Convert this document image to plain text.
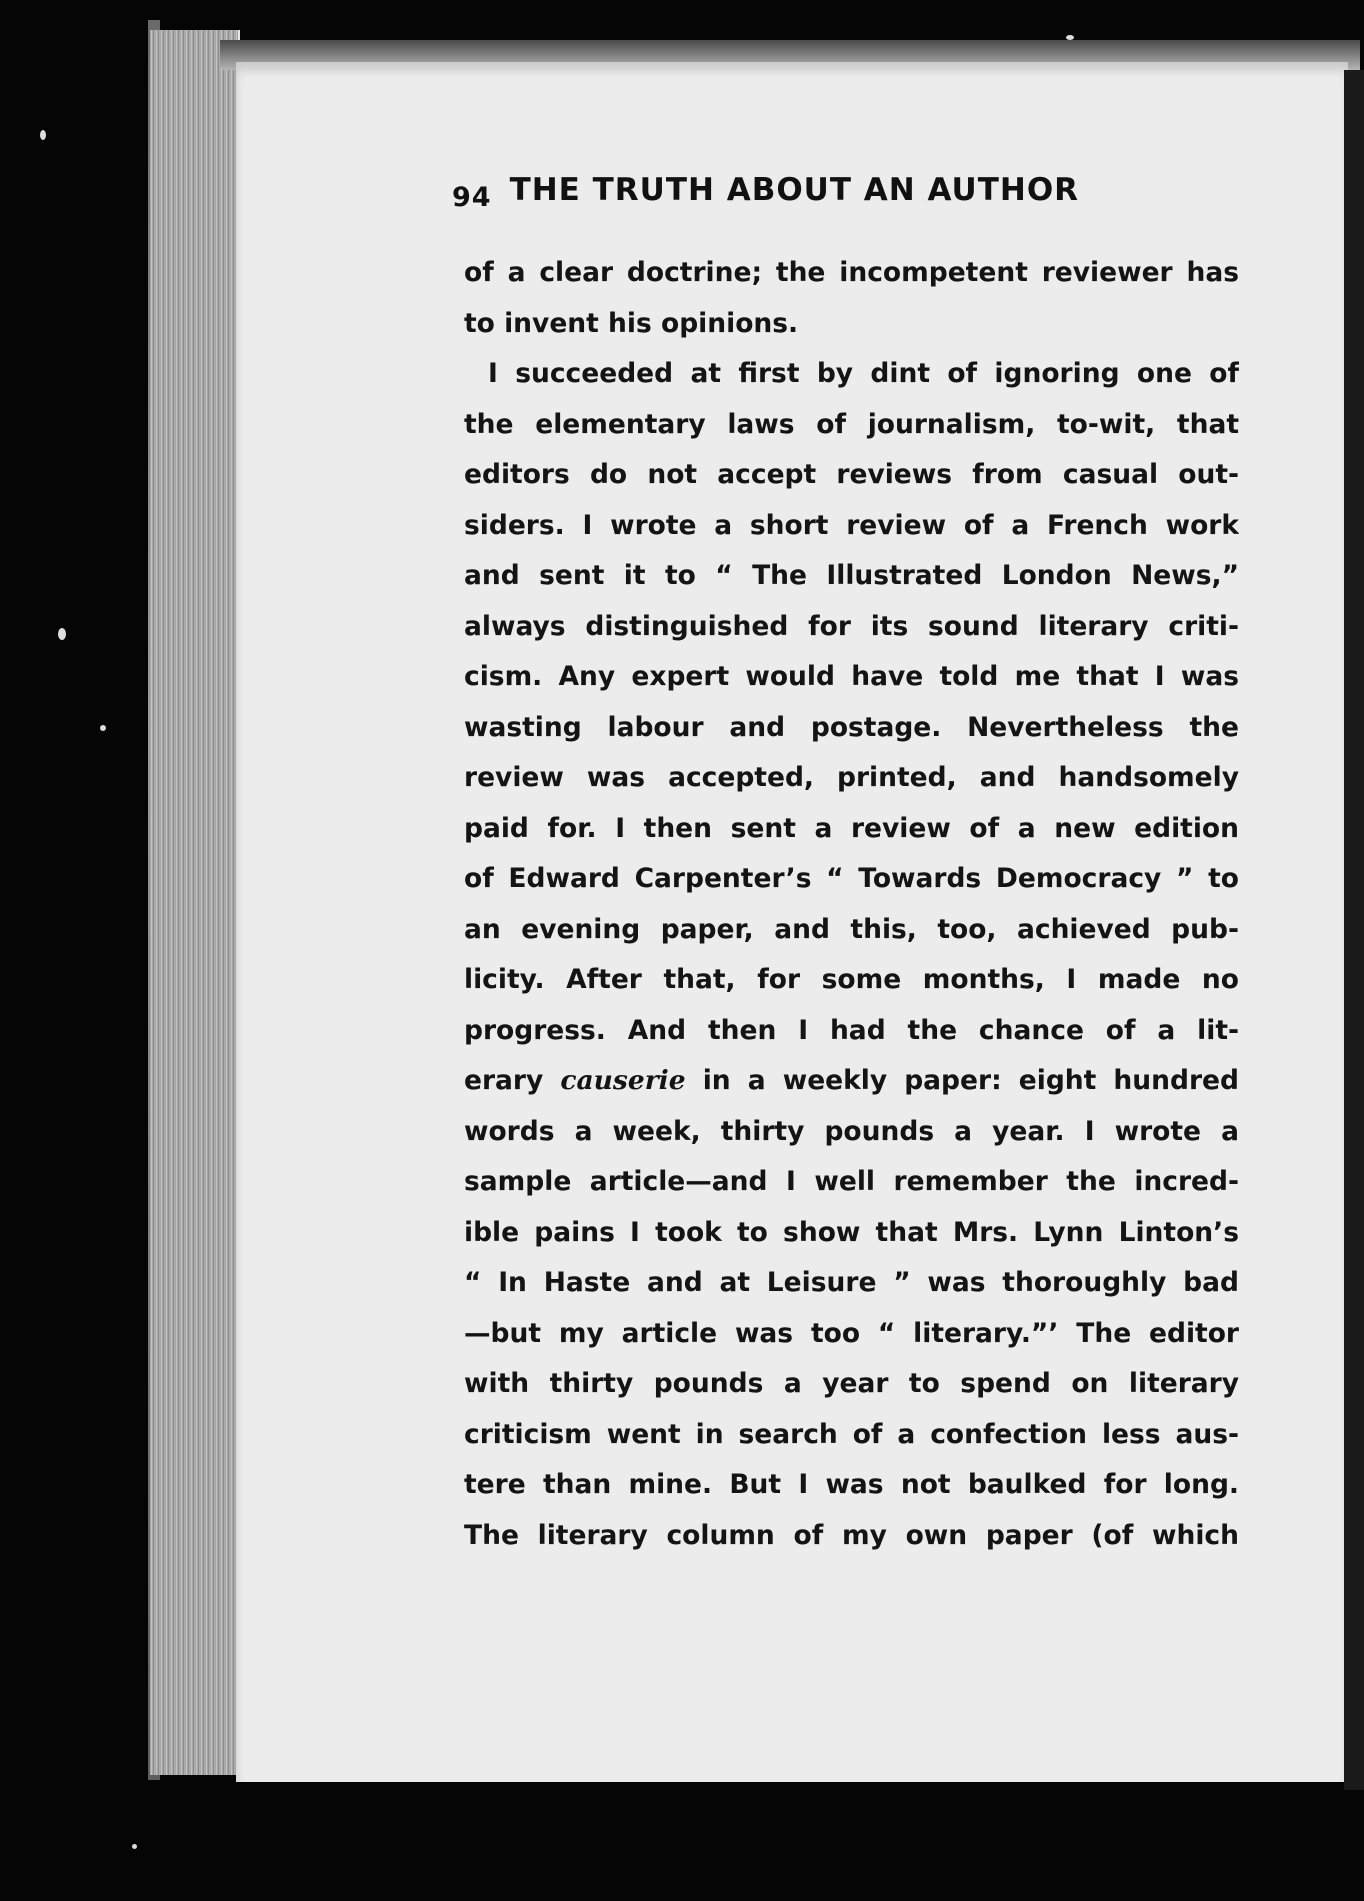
94 THE TRUTH ABOUT AN AUTHOR
of a clear doctrine; the incompetent reviewer has
to invent his opinions.
I succeeded at first by dint of ignoring one of
the elementary laws of journalism, to-wit, that
editors do not accept reviews from casual out-
siders. I wrote a short review of a French work
and sent it to “ The Illustrated London News,”
always distinguished for its sound literary criti-
cism. Any expert would have told me that I was
wasting labour and postage. Nevertheless the
review was accepted, printed, and handsomely
paid for. I then sent a review of a new edition
of Edward Carpenter’s “ Towards Democracy ” to
an evening paper, and this, too, achieved pub-
licity. After that, for some months, I made no
progress. And then I had the chance of a lit-
erary causerie in a weekly paper: eight hundred
words a week, thirty pounds a year. I wrote a
sample article—and I well remember the incred-
ible pains I took to show that Mrs. Lynn Linton’s
“ In Haste and at Leisure ” was thoroughly bad
—but my article was too “ literary.”’ The editor
with thirty pounds a year to spend on literary
criticism went in search of a confection less aus-
tere than mine. But I was not baulked for long.
The literary column of my own paper (of which
